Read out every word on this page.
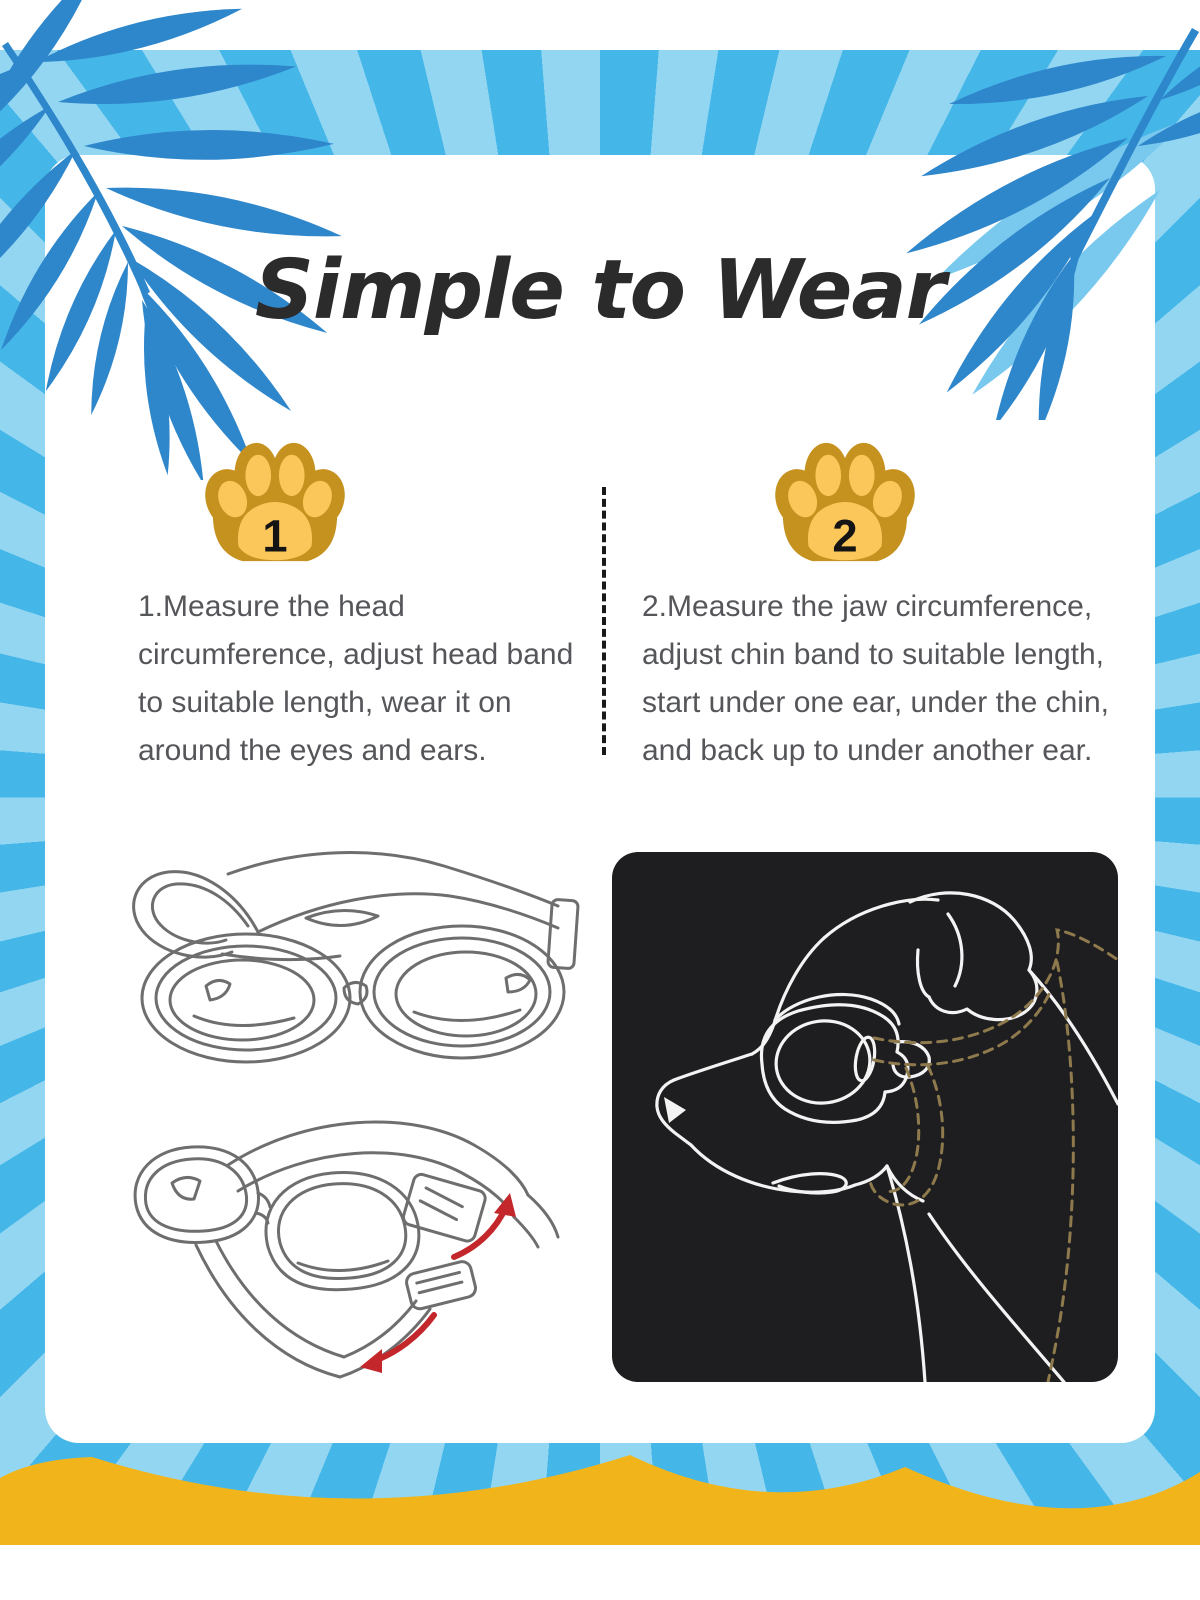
Simple to Wear
1	2
1.Measure the head circumference, adjust head band to suitable length, wear it on around the eyes and ears.
2.Measure the jaw circumference, adjust chin band to suitable length, start under one ear, under the chin, and back up to under another ear.
